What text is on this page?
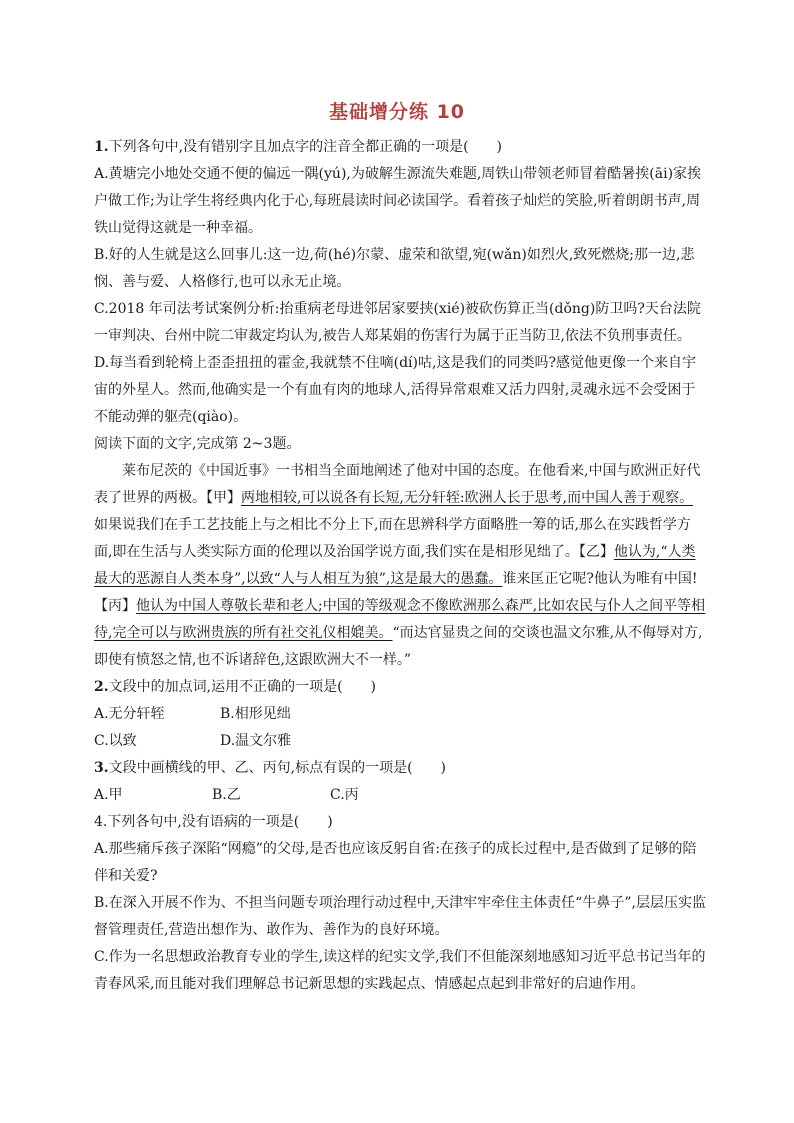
基础增分练 10

1.下列各句中,没有错别字且加点字的注音全都正确的一项是(　　)

A.黄塘完小地处交通不便的偏远一隅(yú),为破解生源流失难题,周铁山带领老师冒着酷暑挨(āi)家挨户做工作;为让学生将经典内化于心,每班晨读时间必读国学。看着孩子灿烂的笑脸,听着朗朗书声,周铁山觉得这就是一种幸福。

B.好的人生就是这么回事儿:这一边,荷(hé)尔蒙、虚荣和欲望,宛(wǎn)如烈火,致死燃烧;那一边,悲悯、善与爱、人格修行,也可以永无止境。

C.2018 年司法考试案例分析:抬重病老母进邻居家要挟(xié)被砍伤算正当(dǒng)防卫吗?天台法院一审判决、台州中院二审裁定均认为,被告人郑某娟的伤害行为属于正当防卫,依法不负刑事责任。

D.每当看到轮椅上歪歪扭扭的霍金,我就禁不住嘀(dí)咕,这是我们的同类吗?感觉他更像一个来自宇宙的外星人。然而,他确实是一个有血有肉的地球人,活得异常艰难又活力四射,灵魂永远不会受困于不能动弹的躯壳(qiào)。

阅读下面的文字,完成第 2~3题。

莱布尼茨的《中国近事》一书相当全面地阐述了他对中国的态度。在他看来,中国与欧洲正好代表了世界的两极。【甲】两地相较,可以说各有长短,无分轩轾:欧洲人长于思考,而中国人善于观察。如果说我们在手工艺技能上与之相比不分上下,而在思辨科学方面略胜一筹的话,那么在实践哲学方面,即在生活与人类实际方面的伦理以及治国学说方面,我们实在是相形见绌了。【乙】他认为,“人类最大的恶源自人类本身”,以致“人与人相互为狼”,这是最大的愚蠢。谁来匡正它呢?他认为唯有中国!【丙】他认为中国人尊敬长辈和老人;中国的等级观念不像欧洲那么森严,比如农民与仆人之间平等相待,完全可以与欧洲贵族的所有社交礼仪相媲美。“而达官显贵之间的交谈也温文尔雅,从不侮辱对方,即使有愤怒之情,也不诉诸辞色,这跟欧洲大不一样。”

2.文段中的加点词,运用不正确的一项是(　　)

A.无分轩轾	B.相形见绌
C.以致	D.温文尔雅

3.文段中画横线的甲、乙、丙句,标点有误的一项是(　　)

A.甲	B.乙	C.丙

4.下列各句中,没有语病的一项是(　　)

A.那些痛斥孩子深陷“网瘾”的父母,是否也应该反躬自省:在孩子的成长过程中,是否做到了足够的陪伴和关爱?

B.在深入开展不作为、不担当问题专项治理行动过程中,天津牢牢牵住主体责任“牛鼻子”,层层压实监督管理责任,营造出想作为、敢作为、善作为的良好环境。

C.作为一名思想政治教育专业的学生,读这样的纪实文学,我们不但能深刻地感知习近平总书记当年的青春风采,而且能对我们理解总书记新思想的实践起点、情感起点起到非常好的启迪作用。
